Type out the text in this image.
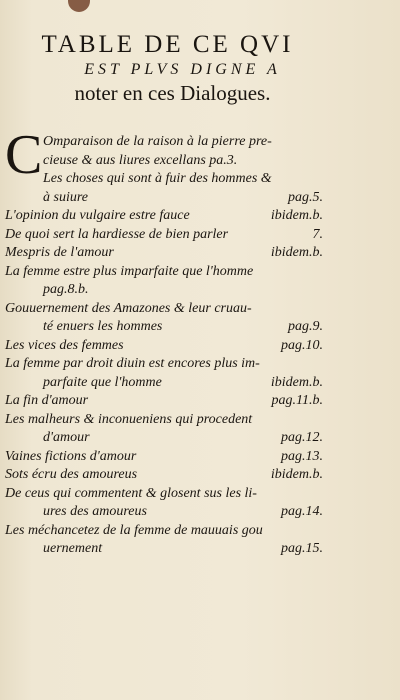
TABLE DE CE QVI

EST PLVS DIGNE A

noter en ces Dialogues.

C Omparaison de la raison à la pierre pre-
cieuse & aus liures excellans pa.3.
Les choses qui sont à fuir des hommes &
à suiure	pag.5.
L'opinion du vulgaire estre fauce	ibidem.b.
De quoi sert la hardiesse de bien parler	7.
Mespris de l'amour	ibidem.b.
La femme estre plus imparfaite que l'homme
pag.8.b.
Gouuernement des Amazones & leur cruau-
té enuers les hommes	pag.9.
Les vices des femmes	pag.10.
La femme par droit diuin est encores plus im-
parfaite que l'homme	ibidem.b.
La fin d'amour	pag.11.b.
Les malheurs & inconueniens qui procedent
d'amour	pag.12.
Vaines fictions d'amour	pag.13.
Sots écru des amoureus	ibidem.b.
De ceus qui commentent & glosent sus les li-
ures des amoureus	pag.14.
Les méchancetez de la femme de mauuais gou
uernement	pag.15.
